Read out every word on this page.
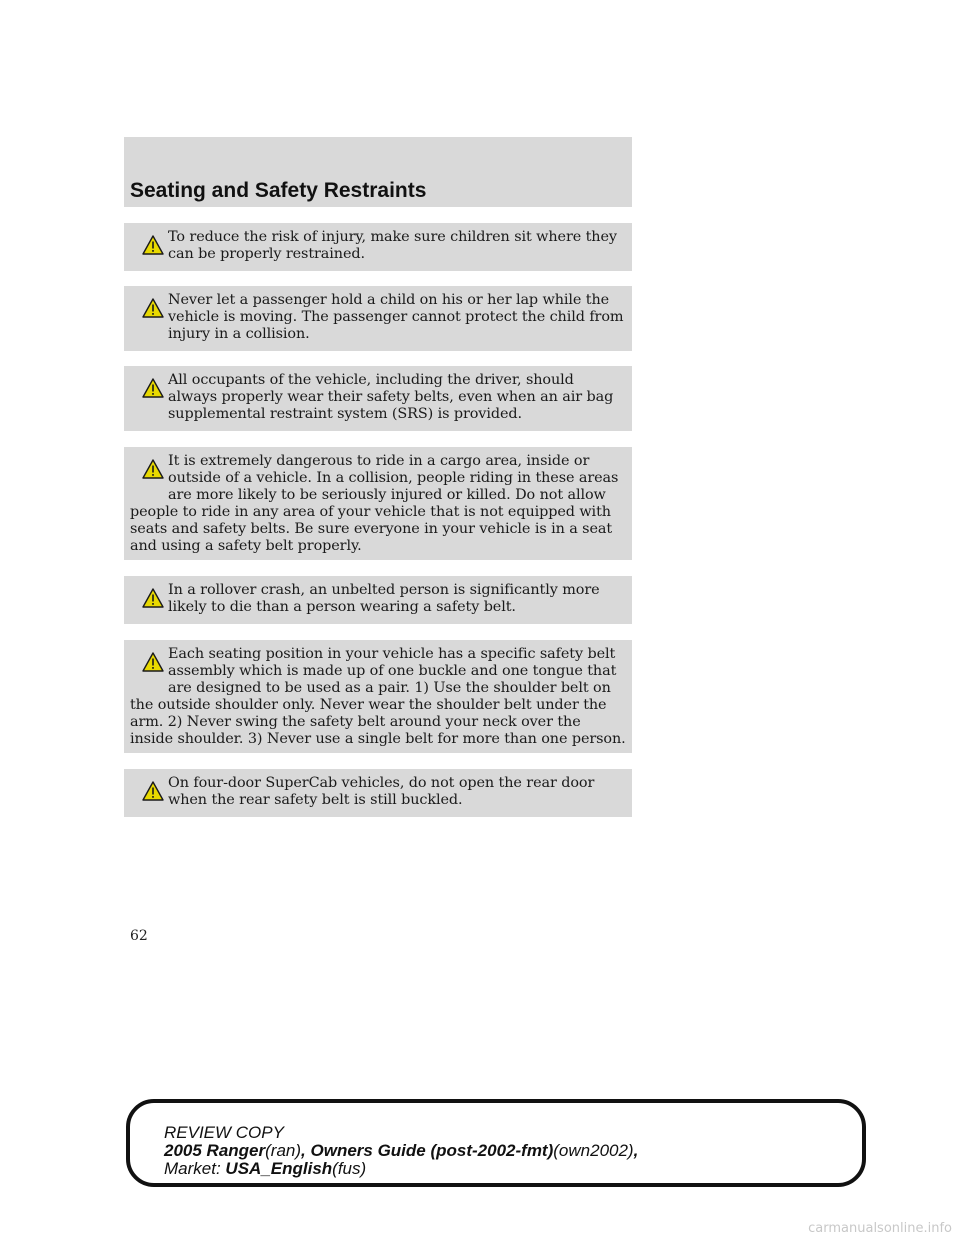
Seating and Safety Restraints
To reduce the risk of injury, make sure children sit where they can be properly restrained.
Never let a passenger hold a child on his or her lap while the vehicle is moving. The passenger cannot protect the child from injury in a collision.
All occupants of the vehicle, including the driver, should always properly wear their safety belts, even when an air bag supplemental restraint system (SRS) is provided.
It is extremely dangerous to ride in a cargo area, inside or outside of a vehicle. In a collision, people riding in these areas are more likely to be seriously injured or killed. Do not allow people to ride in any area of your vehicle that is not equipped with seats and safety belts. Be sure everyone in your vehicle is in a seat and using a safety belt properly.
In a rollover crash, an unbelted person is significantly more likely to die than a person wearing a safety belt.
Each seating position in your vehicle has a specific safety belt assembly which is made up of one buckle and one tongue that are designed to be used as a pair. 1) Use the shoulder belt on the outside shoulder only. Never wear the shoulder belt under the arm. 2) Never swing the safety belt around your neck over the inside shoulder. 3) Never use a single belt for more than one person.
On four-door SuperCab vehicles, do not open the rear door when the rear safety belt is still buckled.
62
REVIEW COPY
2005 Ranger(ran), Owners Guide (post-2002-fmt)(own2002),
Market: USA_English(fus)
carmanualsonline.info
